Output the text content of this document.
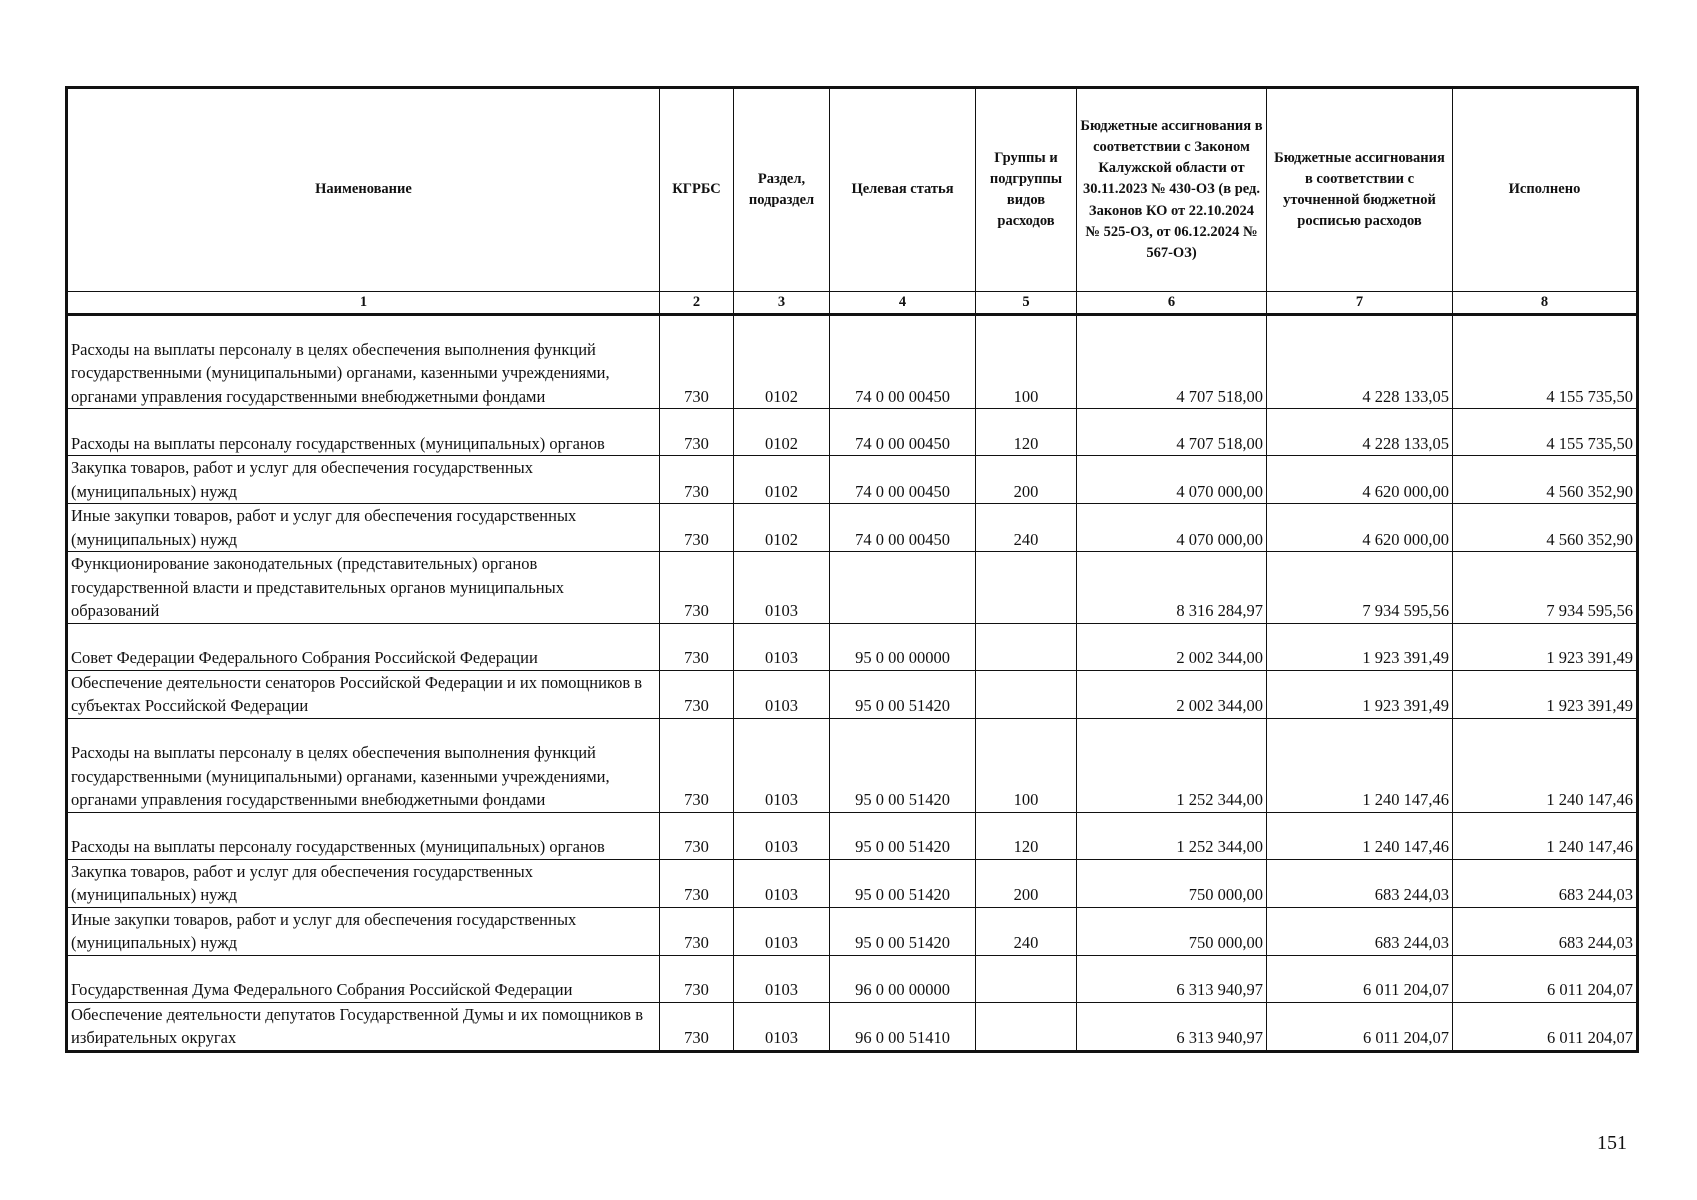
Наименование	КГРБС	Раздел, подраздел	Целевая статья	Группы и подгруппы видов расходов	Бюджетные ассигнования в соответствии с Законом Калужской области от 30.11.2023 № 430-ОЗ (в ред. Законов КО от 22.10.2024 № 525-ОЗ, от 06.12.2024 № 567-ОЗ)	Бюджетные ассигнования в соответствии с уточненной бюджетной росписью расходов	Исполнено
1	2	3	4	5	6	7	8
Расходы на выплаты персоналу в целях обеспечения выполнения функций государственными (муниципальными) органами, казенными учреждениями, органами управления государственными внебюджетными фондами	730	0102	74 0 00 00450	100	4 707 518,00	4 228 133,05	4 155 735,50
Расходы на выплаты персоналу государственных (муниципальных) органов	730	0102	74 0 00 00450	120	4 707 518,00	4 228 133,05	4 155 735,50
Закупка товаров, работ и услуг для обеспечения государственных (муниципальных) нужд	730	0102	74 0 00 00450	200	4 070 000,00	4 620 000,00	4 560 352,90
Иные закупки товаров, работ и услуг для обеспечения государственных (муниципальных) нужд	730	0102	74 0 00 00450	240	4 070 000,00	4 620 000,00	4 560 352,90
Функционирование законодательных (представительных) органов государственной власти и представительных органов муниципальных образований	730	0103			8 316 284,97	7 934 595,56	7 934 595,56
Совет Федерации Федерального Собрания Российской Федерации	730	0103	95 0 00 00000		2 002 344,00	1 923 391,49	1 923 391,49
Обеспечение деятельности сенаторов Российской Федерации и их помощников в субъектах Российской Федерации	730	0103	95 0 00 51420		2 002 344,00	1 923 391,49	1 923 391,49
Расходы на выплаты персоналу в целях обеспечения выполнения функций государственными (муниципальными) органами, казенными учреждениями, органами управления государственными внебюджетными фондами	730	0103	95 0 00 51420	100	1 252 344,00	1 240 147,46	1 240 147,46
Расходы на выплаты персоналу государственных (муниципальных) органов	730	0103	95 0 00 51420	120	1 252 344,00	1 240 147,46	1 240 147,46
Закупка товаров, работ и услуг для обеспечения государственных (муниципальных) нужд	730	0103	95 0 00 51420	200	750 000,00	683 244,03	683 244,03
Иные закупки товаров, работ и услуг для обеспечения государственных (муниципальных) нужд	730	0103	95 0 00 51420	240	750 000,00	683 244,03	683 244,03
Государственная Дума Федерального Собрания Российской Федерации	730	0103	96 0 00 00000		6 313 940,97	6 011 204,07	6 011 204,07
Обеспечение деятельности депутатов Государственной Думы и их помощников в избирательных округах	730	0103	96 0 00 51410		6 313 940,97	6 011 204,07	6 011 204,07
151
